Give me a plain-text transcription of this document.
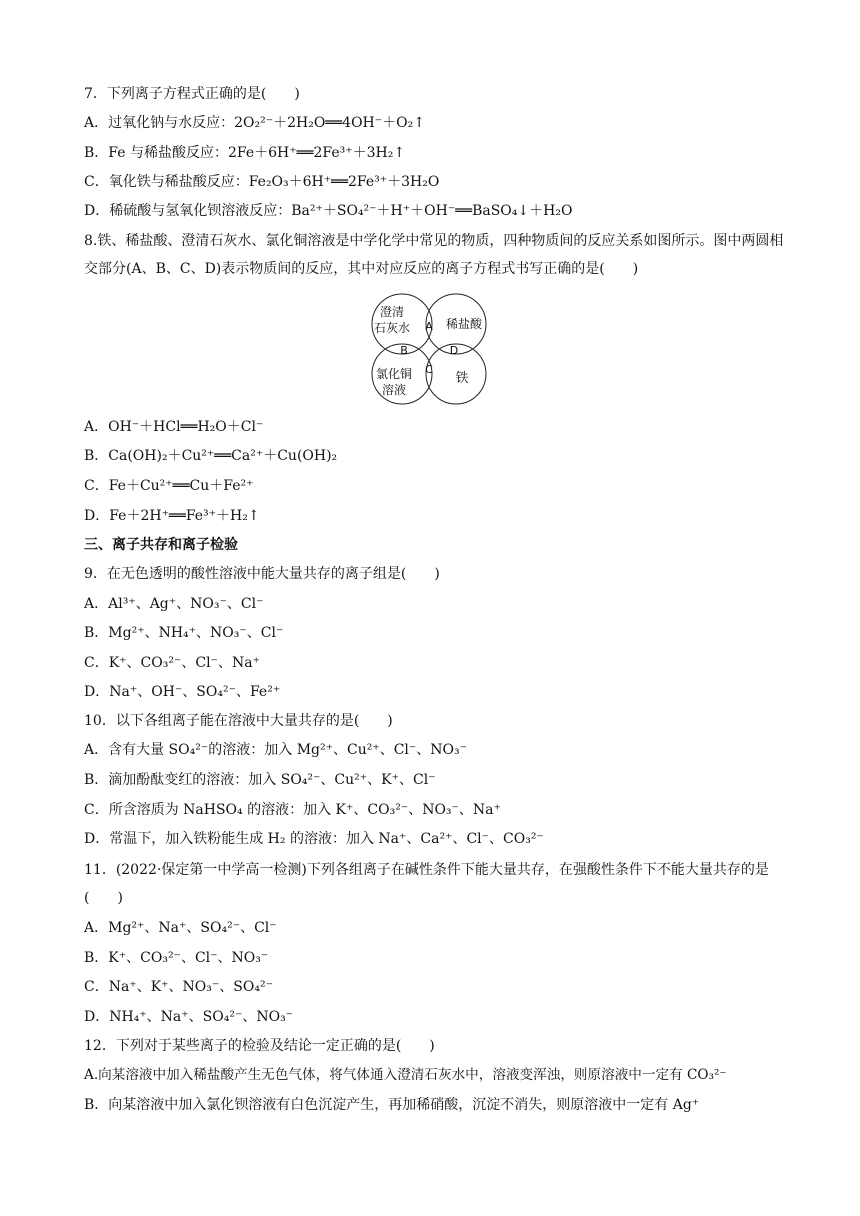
7．下列离子方程式正确的是(　　)
A．过氧化钠与水反应：2O₂²⁻＋2H₂O══4OH⁻＋O₂↑
B．Fe 与稀盐酸反应：2Fe＋6H⁺══2Fe³⁺＋3H₂↑
C．氧化铁与稀盐酸反应：Fe₂O₃＋6H⁺══2Fe³⁺＋3H₂O
D．稀硫酸与氢氧化钡溶液反应：Ba²⁺＋SO₄²⁻＋H⁺＋OH⁻══BaSO₄↓＋H₂O
8.铁、稀盐酸、澄清石灰水、氯化铜溶液是中学化学中常见的物质，四种物质间的反应关系如图所示。图中两圆相交部分(A、B、C、D)表示物质间的反应，其中对应反应的离子方程式书写正确的是(　　)
澄清
石灰水	稀盐酸
氯化铜
溶液
铁
A
B
C
D
A．OH⁻＋HCl══H₂O＋Cl⁻
B．Ca(OH)₂＋Cu²⁺══Ca²⁺＋Cu(OH)₂
C．Fe＋Cu²⁺══Cu＋Fe²⁺
D．Fe＋2H⁺══Fe³⁺＋H₂↑
三、离子共存和离子检验
9．在无色透明的酸性溶液中能大量共存的离子组是(　　)
A．Al³⁺、Ag⁺、NO₃⁻、Cl⁻
B．Mg²⁺、NH₄⁺、NO₃⁻、Cl⁻
C．K⁺、CO₃²⁻、Cl⁻、Na⁺
D．Na⁺、OH⁻、SO₄²⁻、Fe²⁺
10．以下各组离子能在溶液中大量共存的是(　　)
A．含有大量 SO₄²⁻的溶液：加入 Mg²⁺、Cu²⁺、Cl⁻、NO₃⁻
B．滴加酚酞变红的溶液：加入 SO₄²⁻、Cu²⁺、K⁺、Cl⁻
C．所含溶质为 NaHSO₄ 的溶液：加入 K⁺、CO₃²⁻、NO₃⁻、Na⁺
D．常温下，加入铁粉能生成 H₂ 的溶液：加入 Na⁺、Ca²⁺、Cl⁻、CO₃²⁻
11．(2022·保定第一中学高一检测)下列各组离子在碱性条件下能大量共存，在强酸性条件下不能大量共存的是(　　)
A．Mg²⁺、Na⁺、SO₄²⁻、Cl⁻
B．K⁺、CO₃²⁻、Cl⁻、NO₃⁻
C．Na⁺、K⁺、NO₃⁻、SO₄²⁻
D．NH₄⁺、Na⁺、SO₄²⁻、NO₃⁻
12．下列对于某些离子的检验及结论一定正确的是(　　)
A.向某溶液中加入稀盐酸产生无色气体，将气体通入澄清石灰水中，溶液变浑浊，则原溶液中一定有 CO₃²⁻
B．向某溶液中加入氯化钡溶液有白色沉淀产生，再加稀硝酸，沉淀不消失，则原溶液中一定有 Ag⁺
